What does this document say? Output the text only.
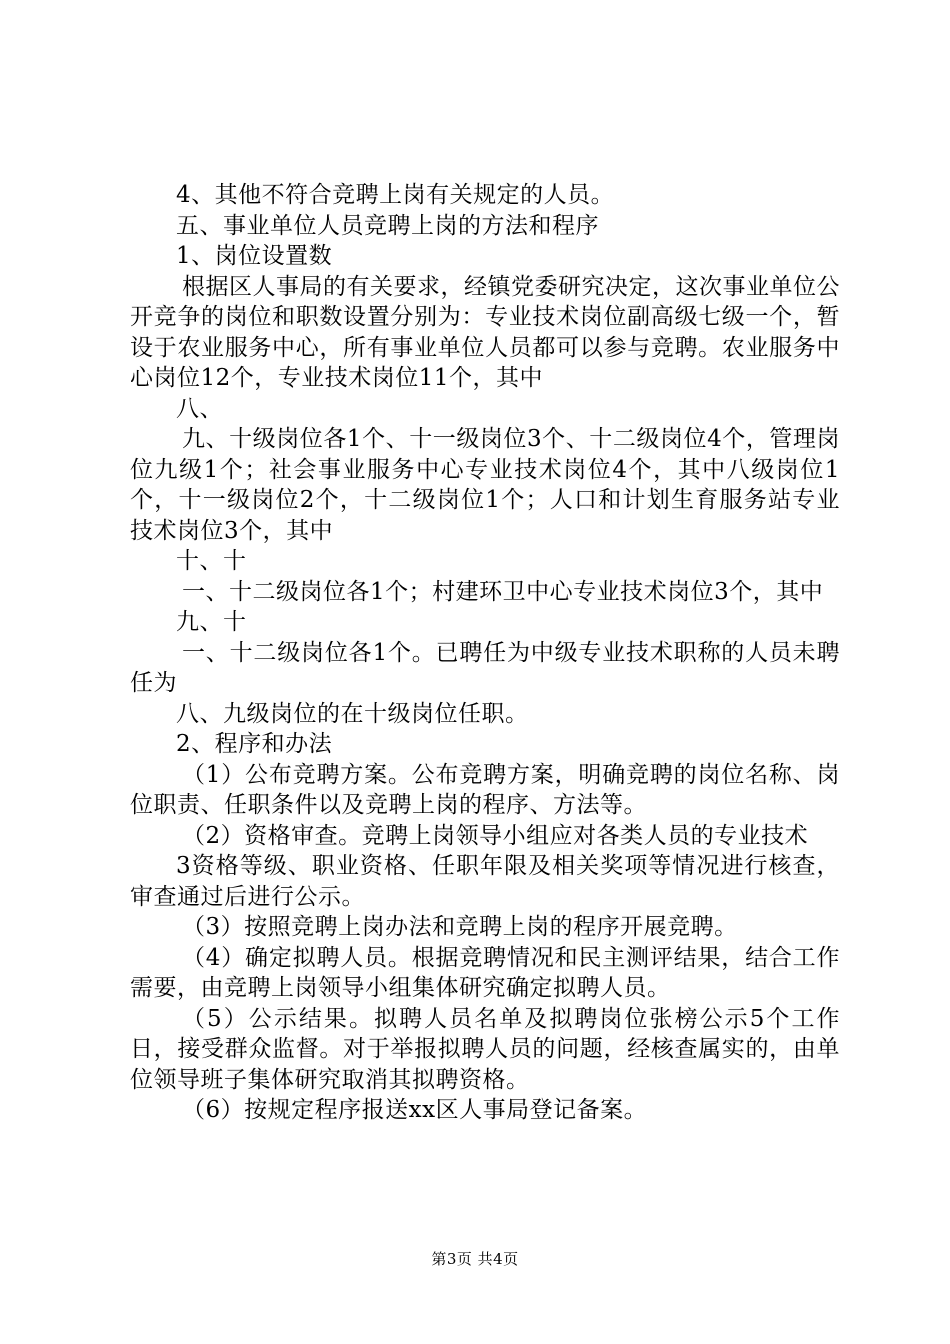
4、其他不符合竞聘上岗有关规定的人员。

五、事业单位人员竞聘上岗的方法和程序

1、岗位设置数

根据区人事局的有关要求，经镇党委研究决定，这次事业单位公开竞争的岗位和职数设置分别为：专业技术岗位副高级七级一个，暂设于农业服务中心，所有事业单位人员都可以参与竞聘。农业服务中心岗位12个，专业技术岗位11个，其中

八、

九、十级岗位各1个、十一级岗位3个、十二级岗位4个，管理岗位九级1个；社会事业服务中心专业技术岗位4个，其中八级岗位1个，十一级岗位2个，十二级岗位1个；人口和计划生育服务站专业技术岗位3个，其中

十、十

一、十二级岗位各1个；村建环卫中心专业技术岗位3个，其中

九、十

一、十二级岗位各1个。已聘任为中级专业技术职称的人员未聘任为

八、九级岗位的在十级岗位任职。

2、程序和办法

（1）公布竞聘方案。公布竞聘方案，明确竞聘的岗位名称、岗位职责、任职条件以及竞聘上岗的程序、方法等。

（2）资格审查。竞聘上岗领导小组应对各类人员的专业技术

3资格等级、职业资格、任职年限及相关奖项等情况进行核查，审查通过后进行公示。

（3）按照竞聘上岗办法和竞聘上岗的程序开展竞聘。

（4）确定拟聘人员。根据竞聘情况和民主测评结果，结合工作需要，由竞聘上岗领导小组集体研究确定拟聘人员。

（5）公示结果。拟聘人员名单及拟聘岗位张榜公示5个工作日，接受群众监督。对于举报拟聘人员的问题，经核查属实的，由单位领导班子集体研究取消其拟聘资格。

（6）按规定程序报送xx区人事局登记备案。

第3页 共4页
